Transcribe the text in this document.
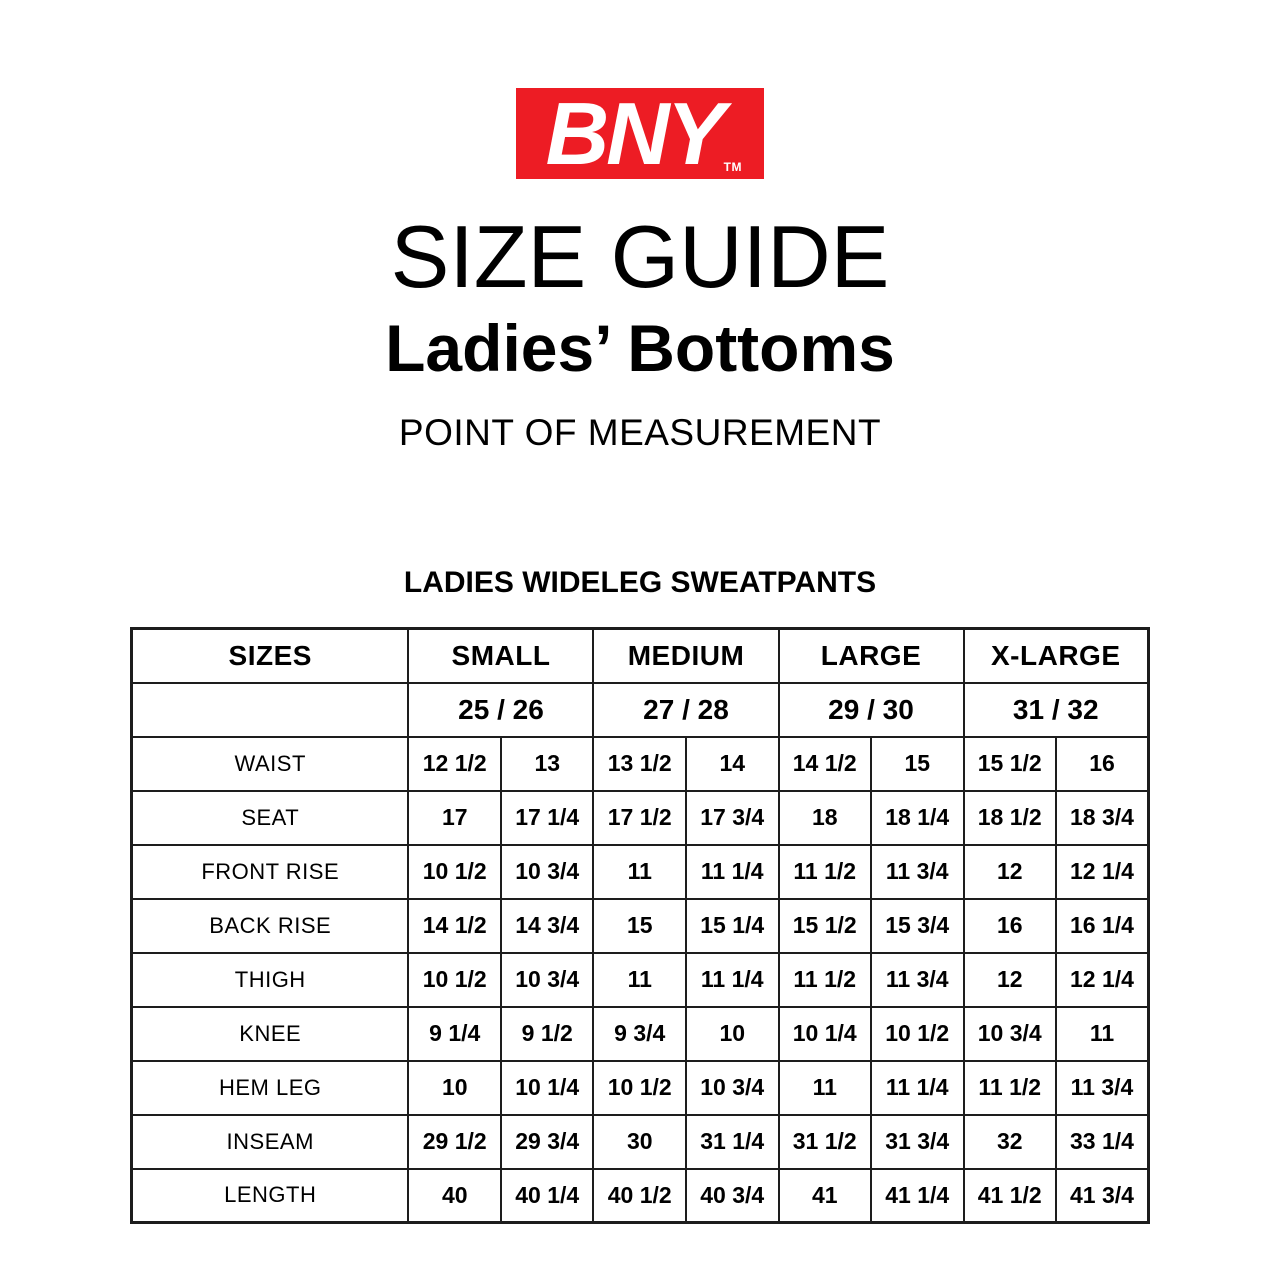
BNY TM
SIZE GUIDE
Ladies’ Bottoms
POINT OF MEASUREMENT
LADIES WIDELEG SWEATPANTS
SIZES	SMALL		MEDIUM		LARGE		X-LARGE	
	25 / 26		27 / 28		29 / 30		31 / 32	
WAIST	12 1/2	13	13 1/2	14	14 1/2	15	15 1/2	16
SEAT	17	17 1/4	17 1/2	17 3/4	18	18 1/4	18 1/2	18 3/4
FRONT RISE	10 1/2	10 3/4	11	11 1/4	11 1/2	11 3/4	12	12 1/4
BACK RISE	14 1/2	14 3/4	15	15 1/4	15 1/2	15 3/4	16	16 1/4
THIGH	10 1/2	10 3/4	11	11 1/4	11 1/2	11 3/4	12	12 1/4
KNEE	9 1/4	9 1/2	9 3/4	10	10 1/4	10 1/2	10 3/4	11
HEM LEG	10	10 1/4	10 1/2	10 3/4	11	11 1/4	11 1/2	11 3/4
INSEAM	29 1/2	29 3/4	30	31 1/4	31 1/2	31 3/4	32	33 1/4
LENGTH	40	40 1/4	40 1/2	40 3/4	41	41 1/4	41 1/2	41 3/4
